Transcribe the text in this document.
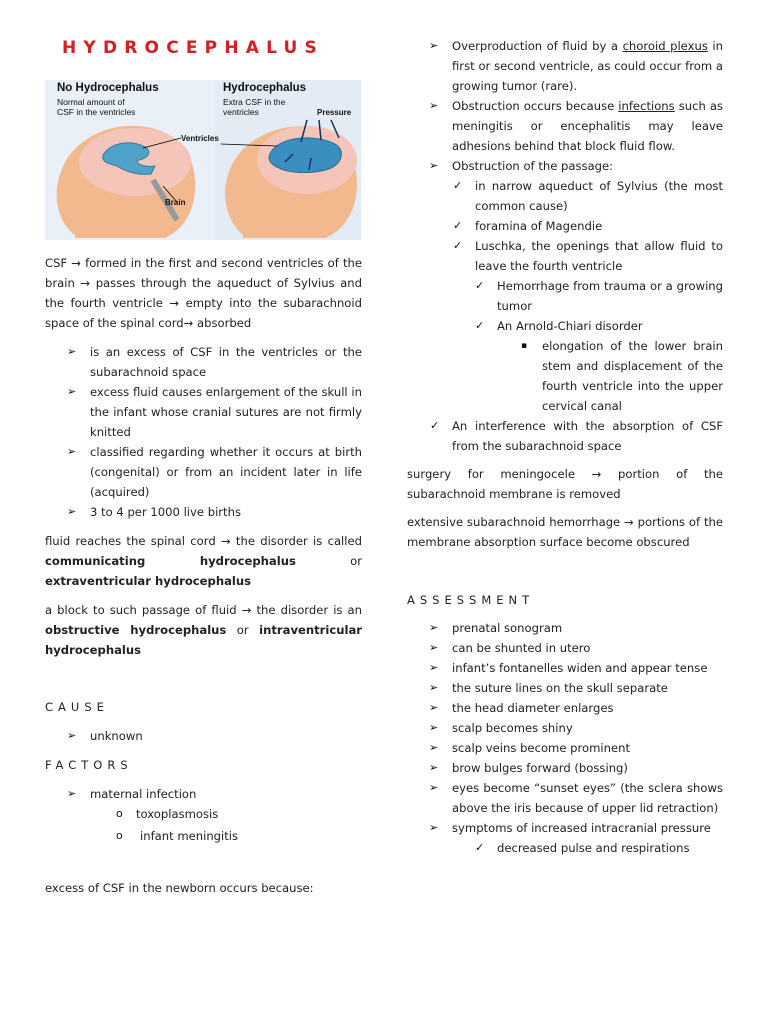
HYDROCEPHALUS
No Hydrocephalus
Normal amount of
CSF in the ventricles
Hydrocephalus
Extra CSF in the
ventricles
Ventricles
Brain
Pressure

CSF → formed in the first and second ventricles of the brain → passes through the aqueduct of Sylvius and the fourth ventricle → empty into the subarachnoid space of the spinal cord→ absorbed

➢ is an excess of CSF in the ventricles or the subarachnoid space
➢ excess fluid causes enlargement of the skull in the infant whose cranial sutures are not firmly knitted
➢ classified regarding whether it occurs at birth (congenital) or from an incident later in life (acquired)
➢ 3 to 4 per 1000 live births

fluid reaches the spinal cord → the disorder is called communicating hydrocephalus or extraventricular hydrocephalus

a block to such passage of fluid → the disorder is an obstructive hydrocephalus or intraventricular hydrocephalus

CAUSE

➢ unknown

FACTORS

➢ maternal infection
o toxoplasmosis
o infant meningitis

excess of CSF in the newborn occurs because:

➢ Overproduction of fluid by a choroid plexus in first or second ventricle, as could occur from a growing tumor (rare).
➢ Obstruction occurs because infections such as meningitis or encephalitis may leave adhesions behind that block fluid flow.
➢ Obstruction of the passage:
✓ in narrow aqueduct of Sylvius (the most common cause)
✓ foramina of Magendie
✓ Luschka, the openings that allow fluid to leave the fourth ventricle
✓ Hemorrhage from trauma or a growing tumor
✓ An Arnold-Chiari disorder
▪ elongation of the lower brain stem and displacement of the fourth ventricle into the upper cervical canal
✓ An interference with the absorption of CSF from the subarachnoid space

surgery for meningocele → portion of the subarachnoid membrane is removed

extensive subarachnoid hemorrhage → portions of the membrane absorption surface become obscured

ASSESSMENT

➢ prenatal sonogram
➢ can be shunted in utero
➢ infant’s fontanelles widen and appear tense
➢ the suture lines on the skull separate
➢ the head diameter enlarges
➢ scalp becomes shiny
➢ scalp veins become prominent
➢ brow bulges forward (bossing)
➢ eyes become “sunset eyes” (the sclera shows above the iris because of upper lid retraction)
➢ symptoms of increased intracranial pressure
✓ decreased pulse and respirations
